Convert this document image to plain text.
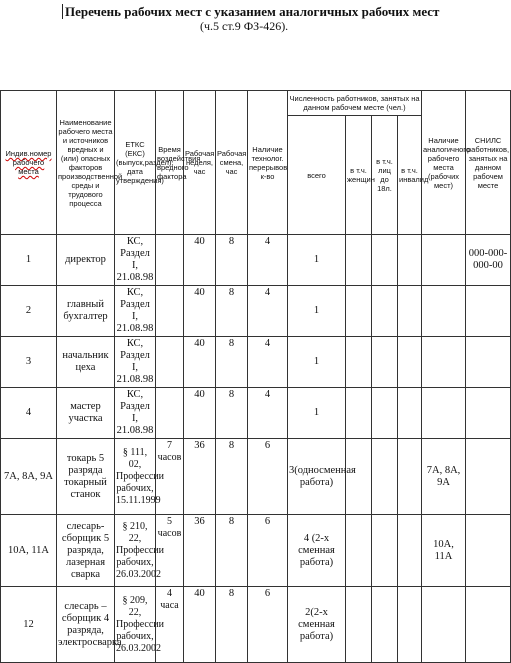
Перечень рабочих мест с указанием аналогичных рабочих мест
(ч.5 ст.9 ФЗ-426).
Индив.номер рабочего места	Наименование рабочего места и источников вредных и (или) опасных факторов производственной среды и трудового процесса	ЕТКС (ЕКС) (выпуск,раздел), дата утверждения)	Время воздействия вредного фактора	Рабочая неделя, час	Рабочая смена, час	Наличие технолог. перерывов к-во	Численность работников, занятых на данном рабочем месте (чел.)				Наличие аналогичного рабочего места (рабочих мест)	СНИЛС работников, занятых на данном рабочем месте
							всего	в т.ч. женщин	в т.ч. лиц до 18л.	в т.ч. инвалид		
1	директор	КС, Раздел I, 21.08.98		40	8	4	1					000-000-000-00
2	главный бухгалтер	КС, Раздел I, 21.08.98		40	8	4	1					
3	начальник цеха	КС, Раздел I, 21.08.98		40	8	4	1					
4	мастер участка	КС, Раздел I, 21.08.98		40	8	4	1					
7А, 8А, 9А	токарь 5 разряда токарный станок	§ 111, 02, Профессии рабочих, 15.11.1999	7 часов	36	8	6	3(односменная работа)				7А, 8А, 9А	
10А, 11А	слесарь-сборщик 5 разряда, лазерная сварка	§ 210, 22, Профессии рабочих, 26.03.2002	5 часов	36	8	6	4 (2-х сменная работа)				10А, 11А	
12	слесарь – сборщик 4 разряда, электросварка	§ 209, 22, Профессии рабочих, 26.03.2002	4 часа	40	8	6	2(2-х сменная работа)					
